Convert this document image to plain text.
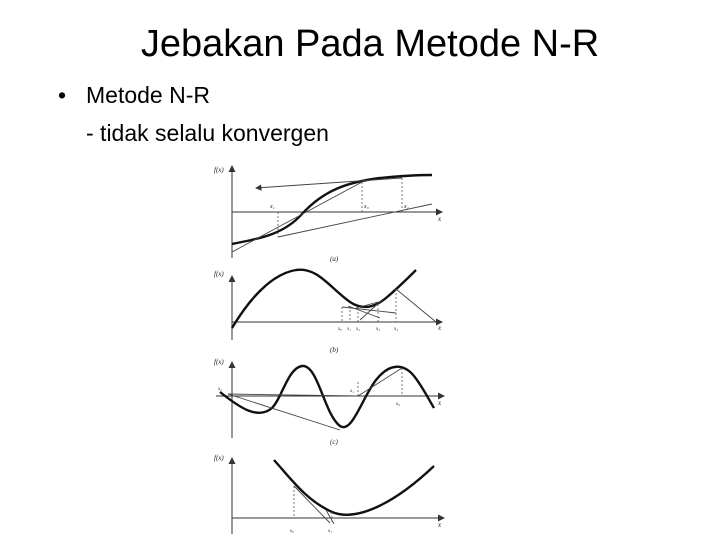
Jebakan Pada Metode N-R
• Metode N-R
- tidak selalu konvergen
f(x)
x
x₁	x₀	x₂
(a)
f(x)
x
x₀ x₁ x₂	x₃	x₄
(b)
f(x)
x
x₂	x₁
x₀
(c)
f(x)
x
x₀	x₁
